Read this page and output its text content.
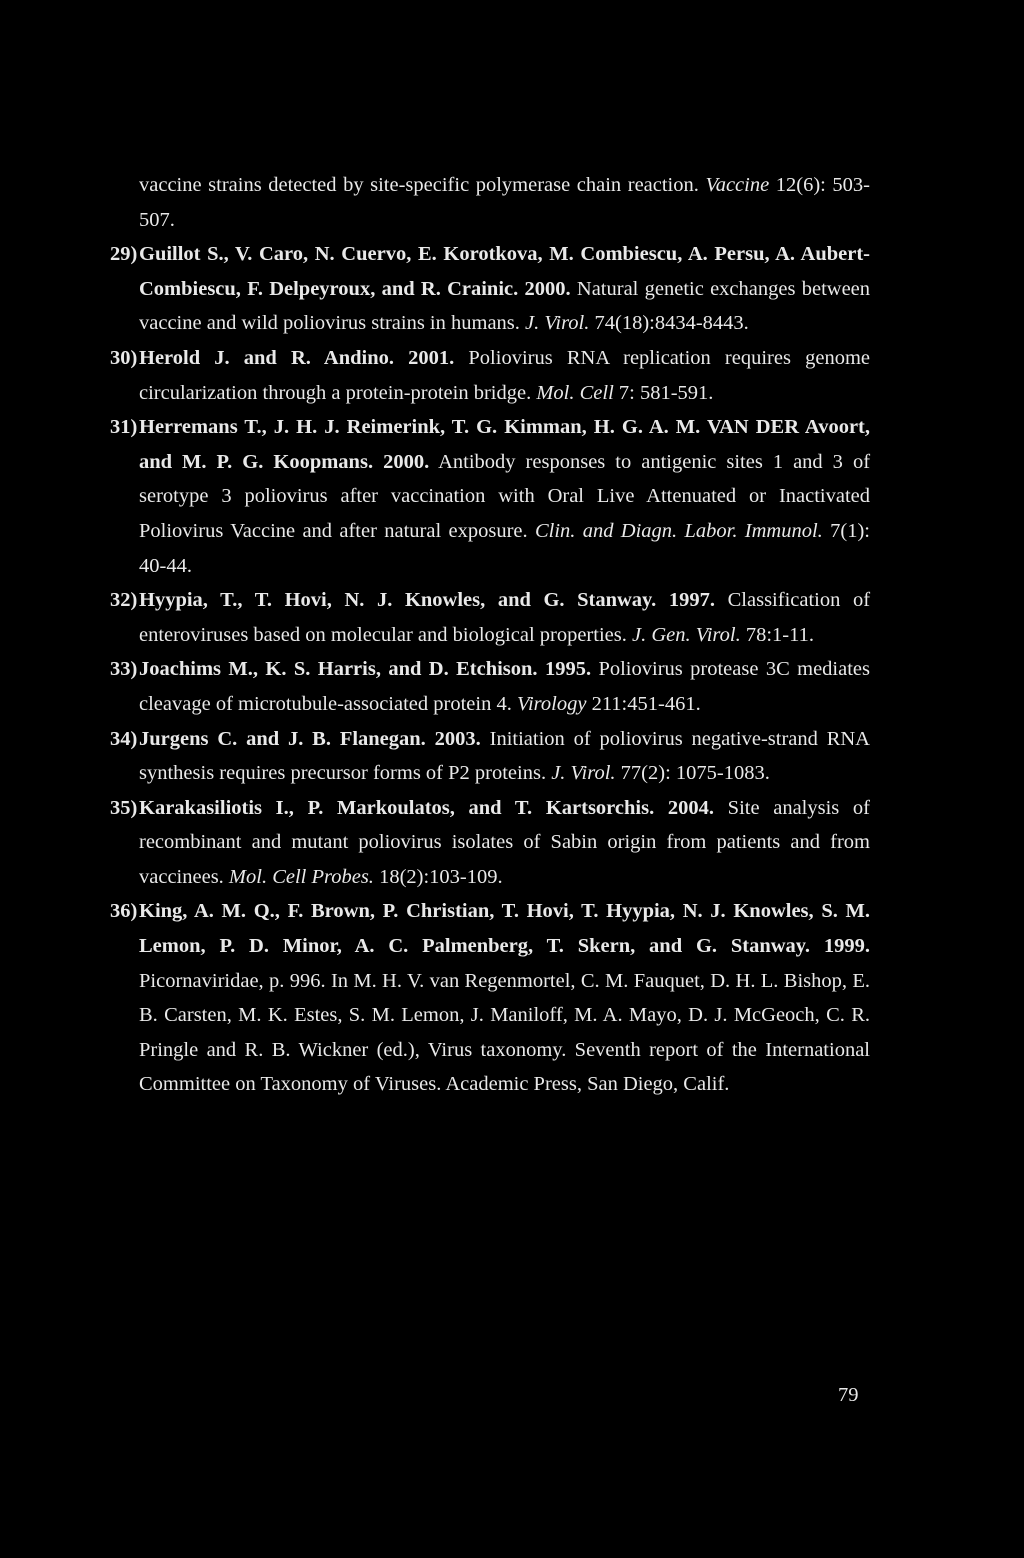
vaccine strains detected by site-specific polymerase chain reaction. Vaccine 12(6): 503-507.

29) Guillot S., V. Caro, N. Cuervo, E. Korotkova, M. Combiescu, A. Persu, A. Aubert- Combiescu, F. Delpeyroux, and R. Crainic. 2000. Natural genetic exchanges between vaccine and wild poliovirus strains in humans. J. Virol. 74(18):8434-8443.

30) Herold J. and R. Andino. 2001. Poliovirus RNA replication requires genome circularization through a protein-protein bridge. Mol. Cell 7: 581-591.

31) Herremans T., J. H. J. Reimerink, T. G. Kimman, H. G. A. M. VAN DER Avoort, and M. P. G. Koopmans. 2000. Antibody responses to antigenic sites 1 and 3 of serotype 3 poliovirus after vaccination with Oral Live Attenuated or Inactivated Poliovirus Vaccine and after natural exposure. Clin. and Diagn. Labor. Immunol. 7(1): 40-44.

32) Hyypia, T., T. Hovi, N. J. Knowles, and G. Stanway. 1997. Classification of enteroviruses based on molecular and biological properties. J. Gen. Virol. 78:1-11.

33) Joachims M., K. S. Harris, and D. Etchison. 1995. Poliovirus protease 3C mediates cleavage of microtubule-associated protein 4. Virology 211:451-461.

34) Jurgens C. and J. B. Flanegan. 2003. Initiation of poliovirus negative-strand RNA synthesis requires precursor forms of P2 proteins. J. Virol. 77(2): 1075-1083.

35) Karakasiliotis I., P. Markoulatos, and T. Kartsorchis. 2004. Site analysis of recombinant and mutant poliovirus isolates of Sabin origin from patients and from vaccinees. Mol. Cell Probes. 18(2):103-109.

36) King, A. M. Q., F. Brown, P. Christian, T. Hovi, T. Hyypia, N. J. Knowles, S. M. Lemon, P. D. Minor, A. C. Palmenberg, T. Skern, and G. Stanway. 1999. Picornaviridae, p. 996. In M. H. V. van Regenmortel, C. M. Fauquet, D. H. L. Bishop, E. B. Carsten, M. K. Estes, S. M. Lemon, J. Maniloff, M. A. Mayo, D. J. McGeoch, C. R. Pringle and R. B. Wickner (ed.), Virus taxonomy. Seventh report of the International Committee on Taxonomy of Viruses. Academic Press, San Diego, Calif.

79
